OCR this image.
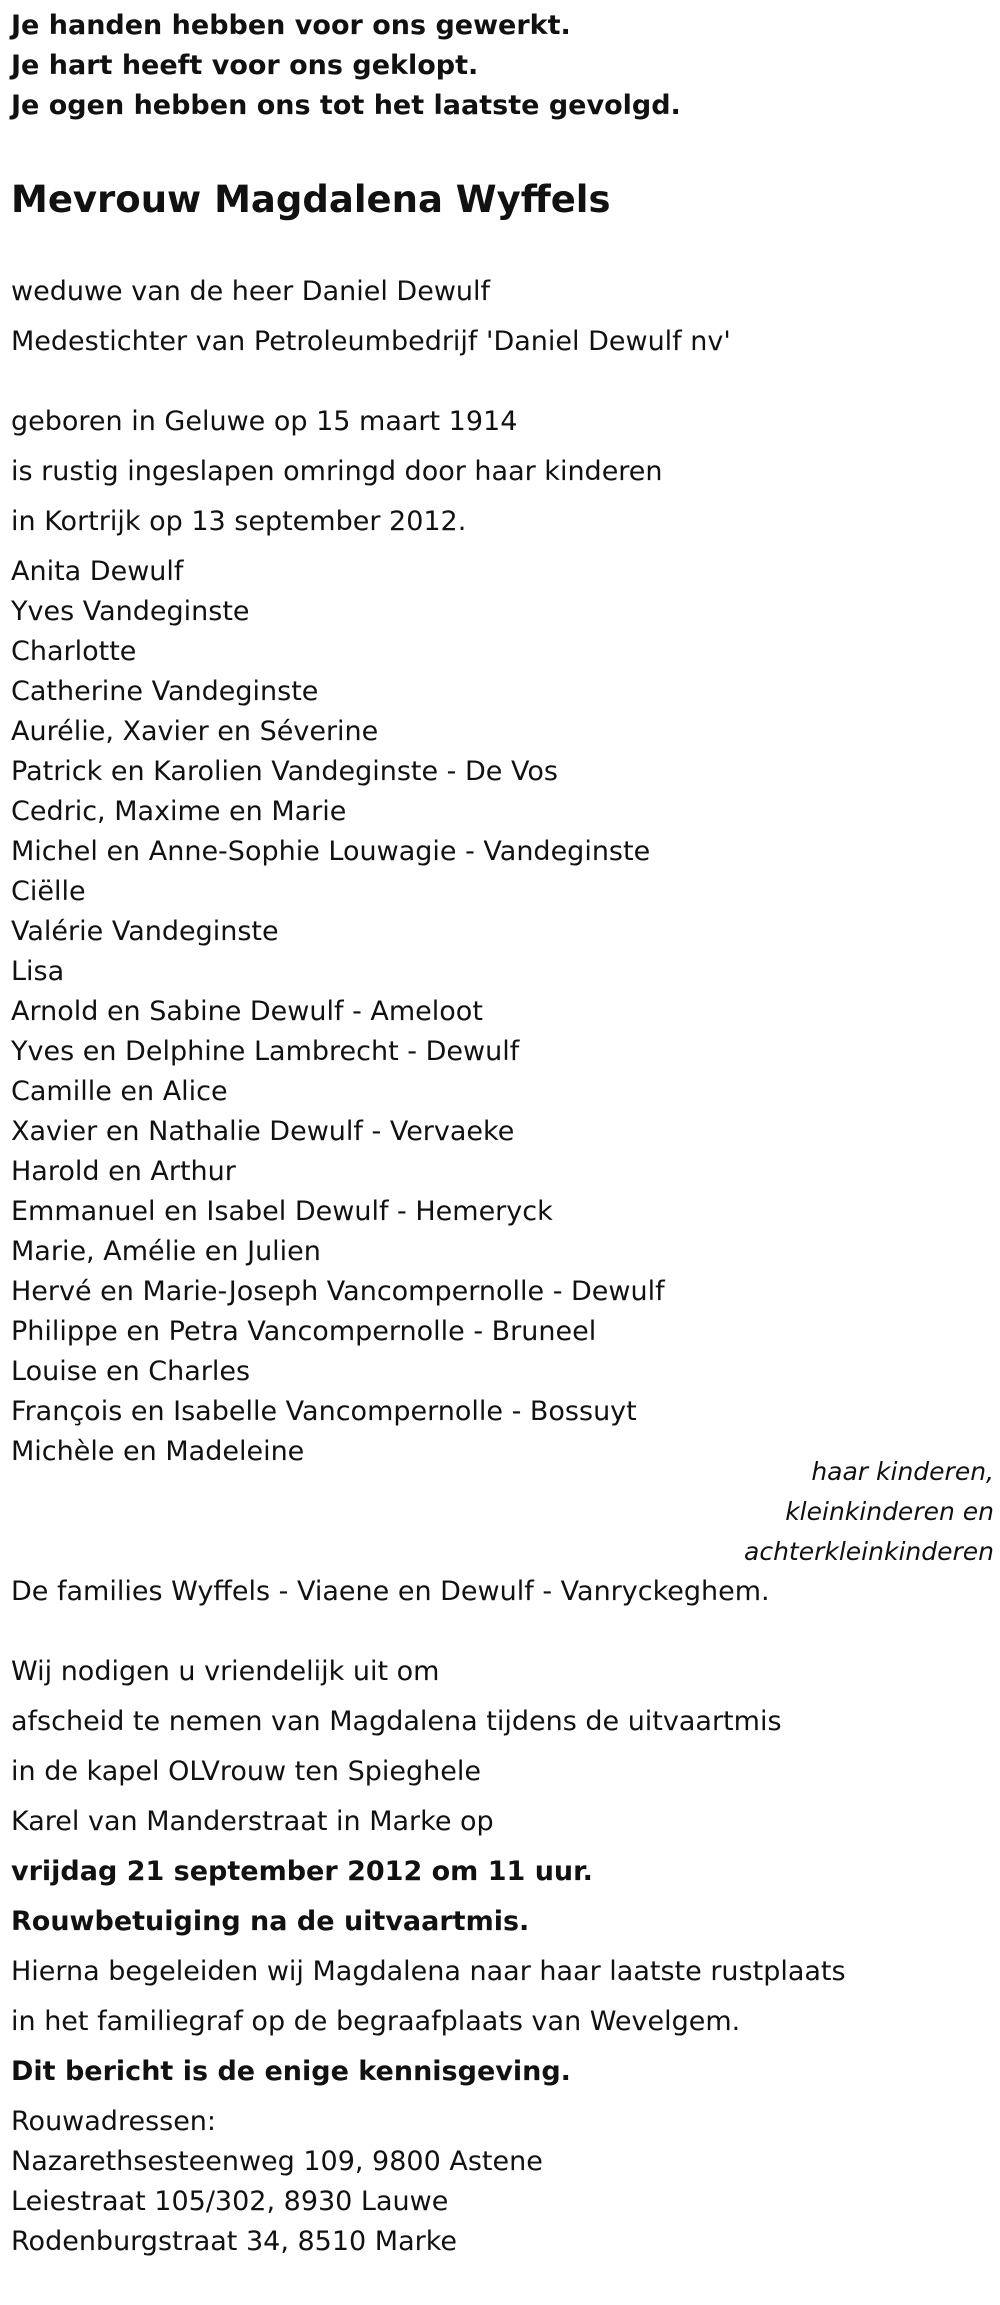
Je handen hebben voor ons gewerkt.
Je hart heeft voor ons geklopt.
Je ogen hebben ons tot het laatste gevolgd.
Mevrouw Magdalena Wyffels
weduwe van de heer Daniel Dewulf
Medestichter van Petroleumbedrijf 'Daniel Dewulf nv'
geboren in Geluwe op 15 maart 1914
is rustig ingeslapen omringd door haar kinderen
in Kortrijk op 13 september 2012.
Anita Dewulf
Yves Vandeginste
Charlotte
Catherine Vandeginste
Aurélie, Xavier en Séverine
Patrick en Karolien Vandeginste - De Vos
Cedric, Maxime en Marie
Michel en Anne-Sophie Louwagie - Vandeginste
Ciëlle
Valérie Vandeginste
Lisa
Arnold en Sabine Dewulf - Ameloot
Yves en Delphine Lambrecht - Dewulf
Camille en Alice
Xavier en Nathalie Dewulf - Vervaeke
Harold en Arthur
Emmanuel en Isabel Dewulf - Hemeryck
Marie, Amélie en Julien
Hervé en Marie-Joseph Vancompernolle - Dewulf
Philippe en Petra Vancompernolle - Bruneel
Louise en Charles
François en Isabelle Vancompernolle - Bossuyt
Michèle en Madeleine
haar kinderen,
kleinkinderen en
achterkleinkinderen
De families Wyffels - Viaene en Dewulf - Vanryckeghem.
Wij nodigen u vriendelijk uit om
afscheid te nemen van Magdalena tijdens de uitvaartmis
in de kapel OLVrouw ten Spieghele
Karel van Manderstraat in Marke op
vrijdag 21 september 2012 om 11 uur.
Rouwbetuiging na de uitvaartmis.
Hierna begeleiden wij Magdalena naar haar laatste rustplaats
in het familiegraf op de begraafplaats van Wevelgem.
Dit bericht is de enige kennisgeving.
Rouwadressen:
Nazarethsesteenweg 109, 9800 Astene
Leiestraat 105/302, 8930 Lauwe
Rodenburgstraat 34, 8510 Marke
